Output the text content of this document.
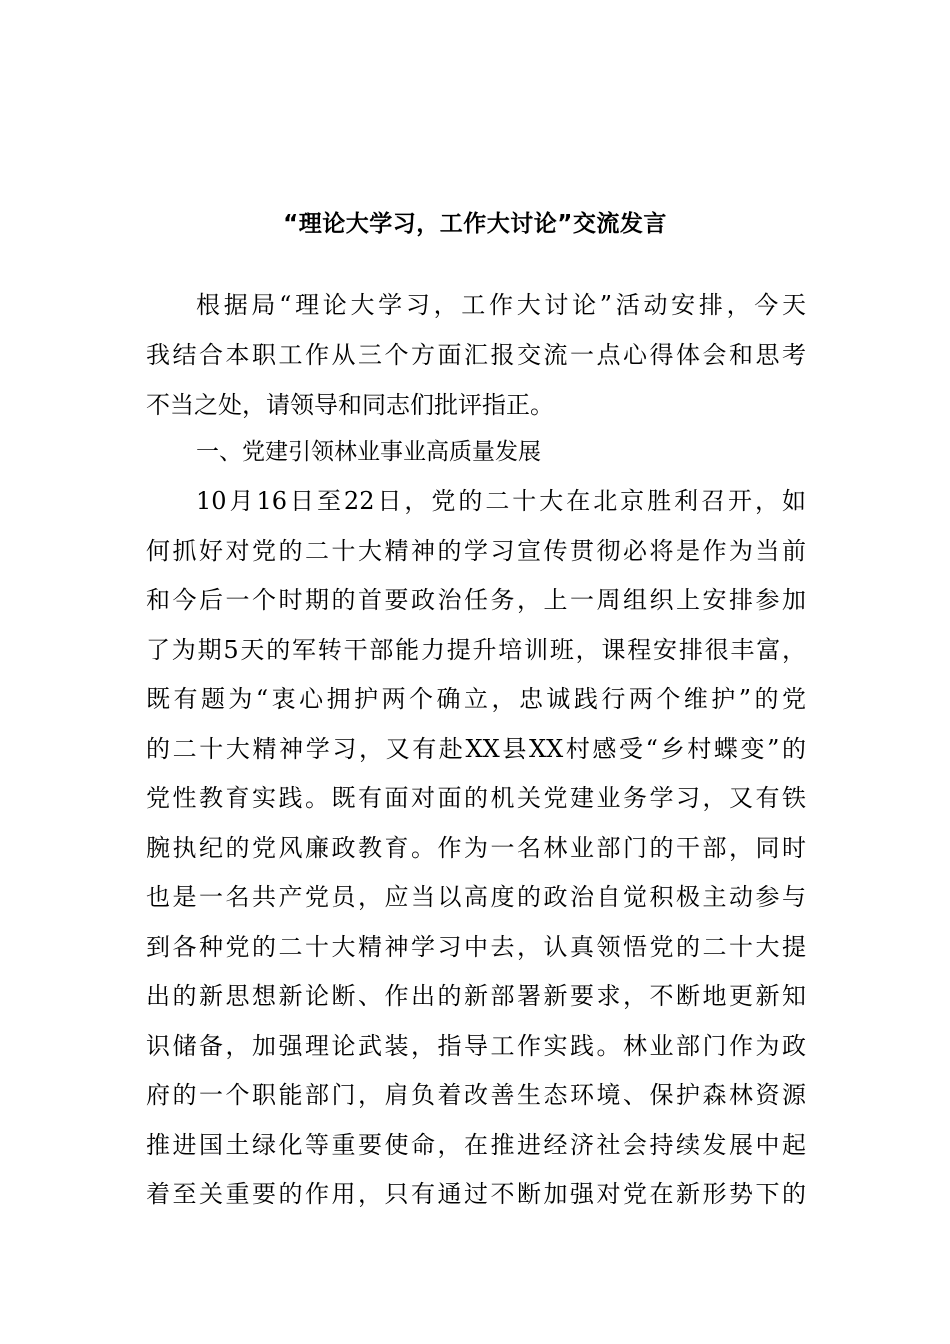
“理论大学习，工作大讨论”交流发言
根据局“理论大学习，工作大讨论”活动安排，今天
我结合本职工作从三个方面汇报交流一点心得体会和思考
不当之处，请领导和同志们批评指正。
一、党建引领林业事业高质量发展
10月16日至22日，党的二十大在北京胜利召开，如
何抓好对党的二十大精神的学习宣传贯彻必将是作为当前
和今后一个时期的首要政治任务，上一周组织上安排参加
了为期5天的军转干部能力提升培训班，课程安排很丰富，
既有题为“衷心拥护两个确立，忠诚践行两个维护”的党
的二十大精神学习，又有赴XX县XX村感受“乡村蝶变”的
党性教育实践。既有面对面的机关党建业务学习，又有铁
腕执纪的党风廉政教育。作为一名林业部门的干部，同时
也是一名共产党员，应当以高度的政治自觉积极主动参与
到各种党的二十大精神学习中去，认真领悟党的二十大提
出的新思想新论断、作出的新部署新要求，不断地更新知
识储备，加强理论武装，指导工作实践。林业部门作为政
府的一个职能部门，肩负着改善生态环境、保护森林资源
推进国土绿化等重要使命，在推进经济社会持续发展中起
着至关重要的作用，只有通过不断加强对党在新形势下的
